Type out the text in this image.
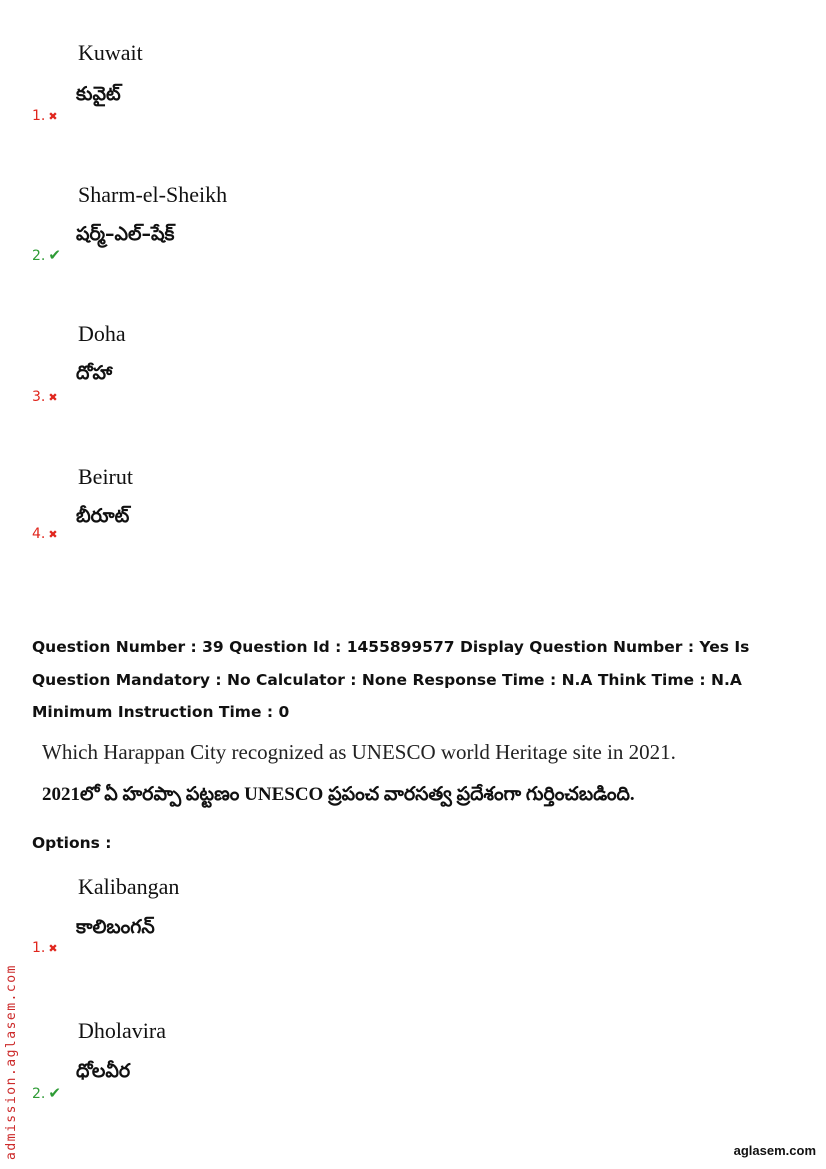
Kuwait
కువైట్
1. ✖
Sharm-el-Sheikh
షర్మ్–ఎల్–షేక్
2. ✔
Doha
దోహా
3. ✖
Beirut
బీరూట్
4. ✖
Question Number : 39 Question Id : 1455899577 Display Question Number : Yes Is Question Mandatory : No Calculator : None Response Time : N.A Think Time : N.A Minimum Instruction Time : 0
Which Harappan City recognized as UNESCO world Heritage site in 2021.
2021లో ఏ హరప్పా పట్టణం UNESCO ప్రపంచ వారసత్వ ప్రదేశంగా గుర్తించబడింది.
Options :
Kalibangan
కాలిబంగన్
1. ✖
Dholavira
ధోలవీర
2. ✔
admission.aglasem.com	aglasem.com
